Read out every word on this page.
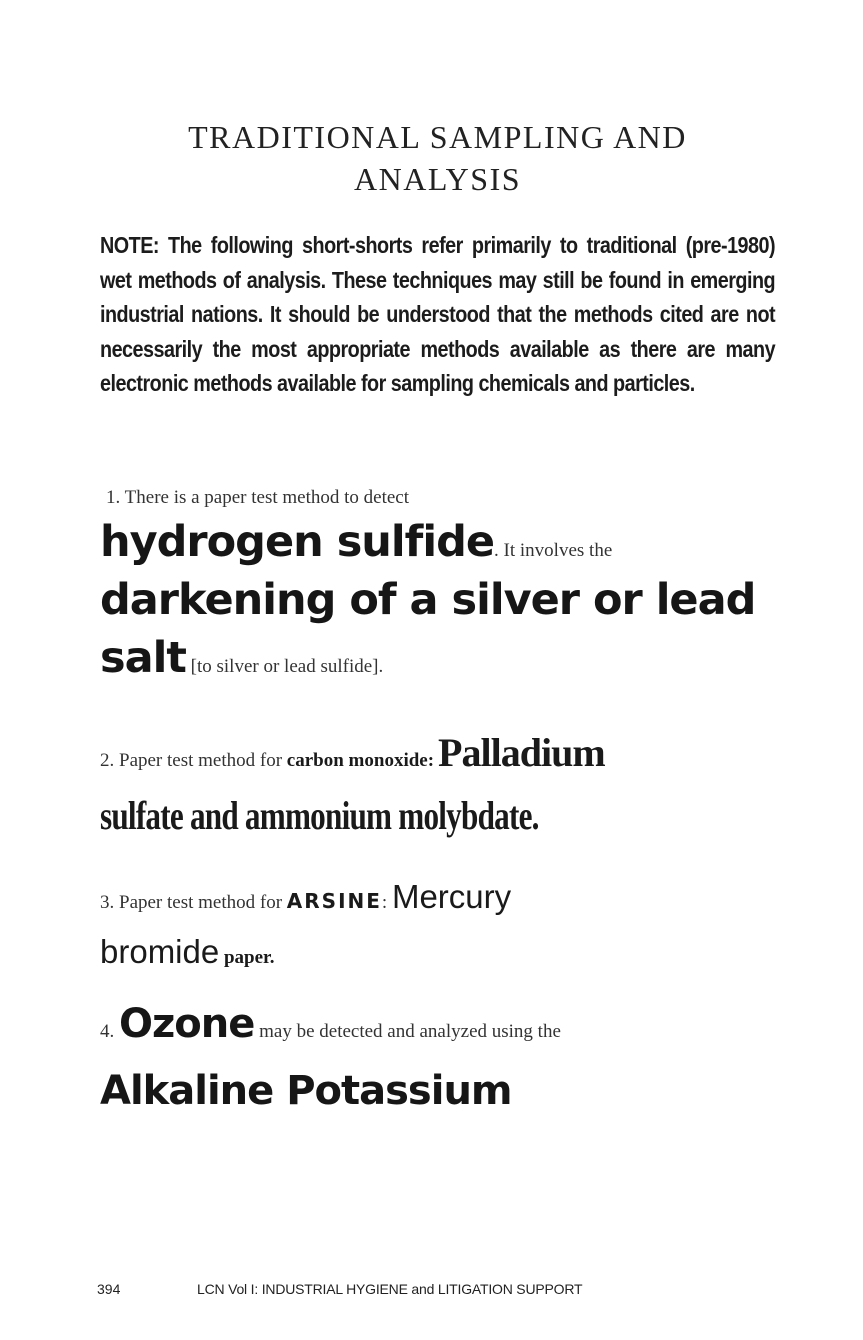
TRADITIONAL SAMPLING AND
ANALYSIS
NOTE: The following short-shorts refer primarily to traditional (pre-1980) wet methods of analysis. These techniques may still be found in emerging industrial nations. It should be understood that the methods cited are not necessarily the most appropriate methods available as there are many electronic methods available for sampling chemicals and particles.
1. There is a paper test method to detect
hydrogen sulfide. It involves the
darkening of a silver or lead salt [to silver or lead sulfide].
2. Paper test method for carbon monoxide: Palladium
sulfate and ammonium molybdate.
3. Paper test method for ARSINE: Mercury
bromide paper.
4. Ozone may be detected and analyzed using the
Alkaline Potassium
394	LCN Vol I: INDUSTRIAL HYGIENE and LITIGATION SUPPORT
